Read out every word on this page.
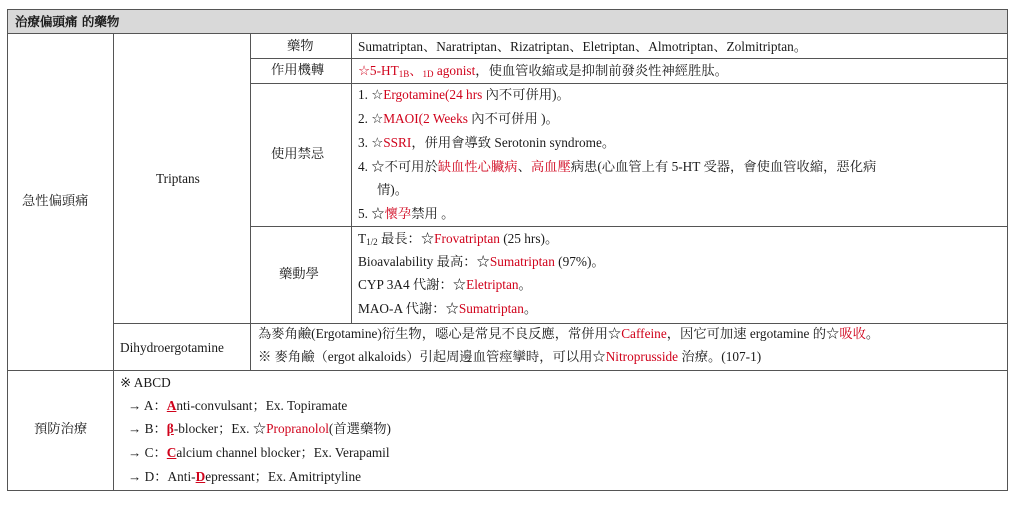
治療偏頭痛 的藥物
急性偏頭痛
預防治療
Triptans
Dihydroergotamine
藥物
作用機轉
使用禁忌
藥動學
Sumatriptan、Naratriptan、Rizatriptan、Eletriptan、Almotriptan、Zolmitriptan。
$☆5-HT_{1B}$、$_{1D}$ agonist，使血管收縮或是抑制前發炎性神經胜肽。
1. ☆Ergotamine(24 hrs 內不可併用)。
2. ☆MAOI(2 Weeks 內不可併用 )。
3. ☆SSRI，併用會導致 Serotonin syndrome。
4. ☆不可用於缺血性心臟病、高血壓病患(心血管上有 5-HT 受器，會使血管收縮，惡化病
情)。
5. ☆懷孕禁用 。
$T_{1/2}$ 最長：☆Frovatriptan (25 hrs)。
Bioavalability 最高：☆Sumatriptan (97%)。
CYP 3A4 代謝：☆Eletriptan。
MAO-A 代謝：☆Sumatriptan。
為麥角鹼(Ergotamine)衍生物，噁心是常見不良反應，常併用☆Caffeine，因它可加速 ergotamine 的☆吸收。
※ 麥角鹼（ergot alkaloids）引起周邊血管痙攣時，可以用☆Nitroprusside 治療。(107-1)
※ ABCD
→ A：Anti-convulsant；Ex. Topiramate
→ B：β-blocker；Ex. ☆Propranolol(首選藥物)
→ C：Calcium channel blocker；Ex. Verapamil
→ D：Anti-Depressant；Ex. Amitriptyline
